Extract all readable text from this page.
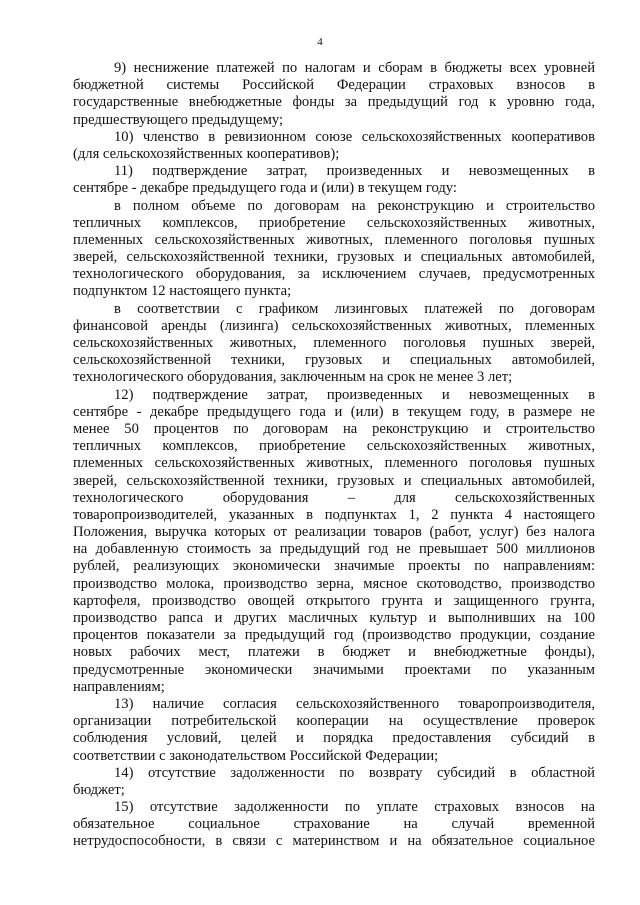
4
9) неснижение платежей по налогам и сборам в бюджеты всех уровней
бюджетной системы Российской Федерации страховых взносов в
государственные внебюджетные фонды за предыдущий год к уровню года,
предшествующего предыдущему;
10) членство в ревизионном союзе сельскохозяйственных кооперативов
(для сельскохозяйственных кооперативов);
11) подтверждение затрат, произведенных и невозмещенных в
сентябре - декабре предыдущего года и (или) в текущем году:
в полном объеме по договорам на реконструкцию и строительство
тепличных комплексов, приобретение сельскохозяйственных животных,
племенных сельскохозяйственных животных, племенного поголовья пушных
зверей, сельскохозяйственной техники, грузовых и специальных автомобилей,
технологического оборудования, за исключением случаев, предусмотренных
подпунктом 12 настоящего пункта;
в соответствии с графиком лизинговых платежей по договорам
финансовой аренды (лизинга) сельскохозяйственных животных, племенных
сельскохозяйственных животных, племенного поголовья пушных зверей,
сельскохозяйственной техники, грузовых и специальных автомобилей,
технологического оборудования, заключенным на срок не менее 3 лет;
12) подтверждение затрат, произведенных и невозмещенных в
сентябре - декабре предыдущего года и (или) в текущем году, в размере не
менее 50 процентов по договорам на реконструкцию и строительство
тепличных комплексов, приобретение сельскохозяйственных животных,
племенных сельскохозяйственных животных, племенного поголовья пушных
зверей, сельскохозяйственной техники, грузовых и специальных автомобилей,
технологического оборудования – для сельскохозяйственных
товаропроизводителей, указанных в подпунктах 1, 2 пункта 4 настоящего
Положения, выручка которых от реализации товаров (работ, услуг) без налога
на добавленную стоимость за предыдущий год не превышает 500 миллионов
рублей, реализующих экономически значимые проекты по направлениям:
производство молока, производство зерна, мясное скотоводство, производство
картофеля, производство овощей открытого грунта и защищенного грунта,
производство рапса и других масличных культур и выполнивших на 100
процентов показатели за предыдущий год (производство продукции, создание
новых рабочих мест, платежи в бюджет и внебюджетные фонды),
предусмотренные экономически значимыми проектами по указанным
направлениям;
13) наличие согласия сельскохозяйственного товаропроизводителя,
организации потребительской кооперации на осуществление проверок
соблюдения условий, целей и порядка предоставления субсидий в
соответствии с законодательством Российской Федерации;
14) отсутствие задолженности по возврату субсидий в областной
бюджет;
15) отсутствие задолженности по уплате страховых взносов на
обязательное социальное страхование на случай временной
нетрудоспособности, в связи с материнством и на обязательное социальное
